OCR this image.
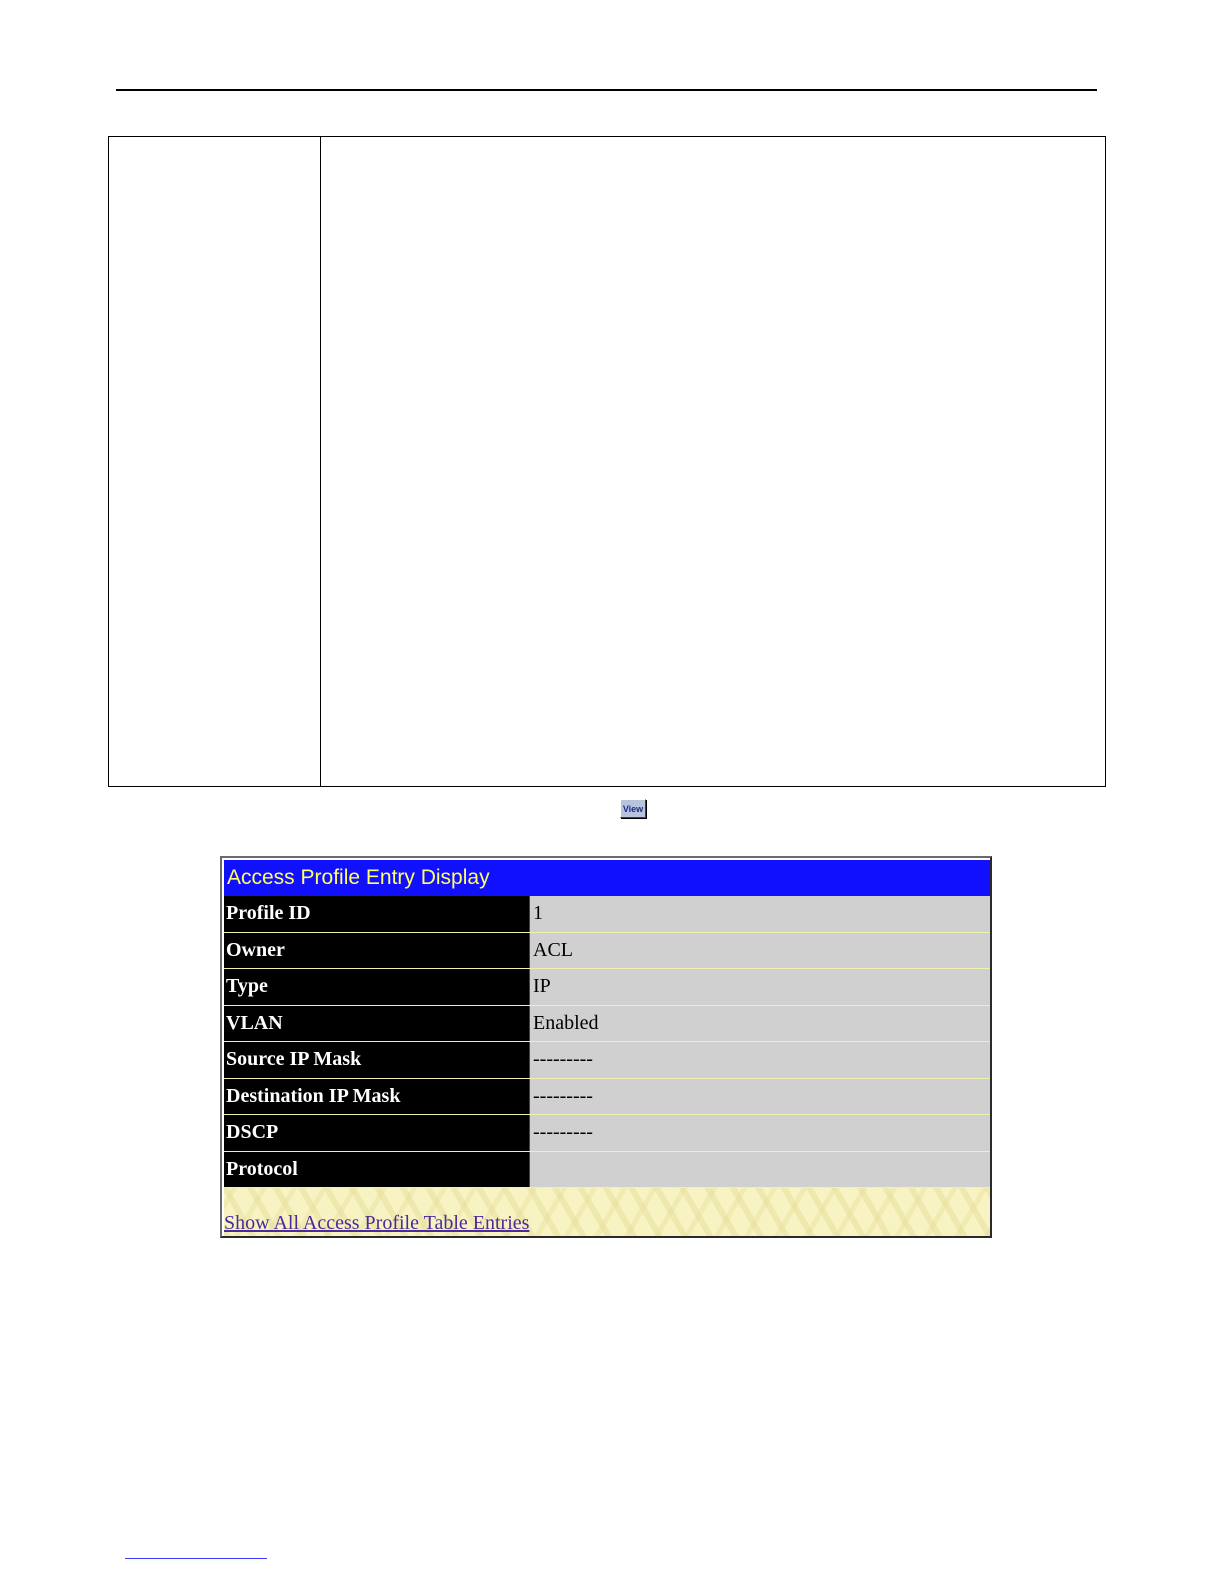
View
Access Profile Entry Display
Profile ID	1
Owner	ACL
Type	IP
VLAN	Enabled
Source IP Mask	---------
Destination IP Mask	---------
DSCP	---------
Protocol
Show All Access Profile Table Entries
